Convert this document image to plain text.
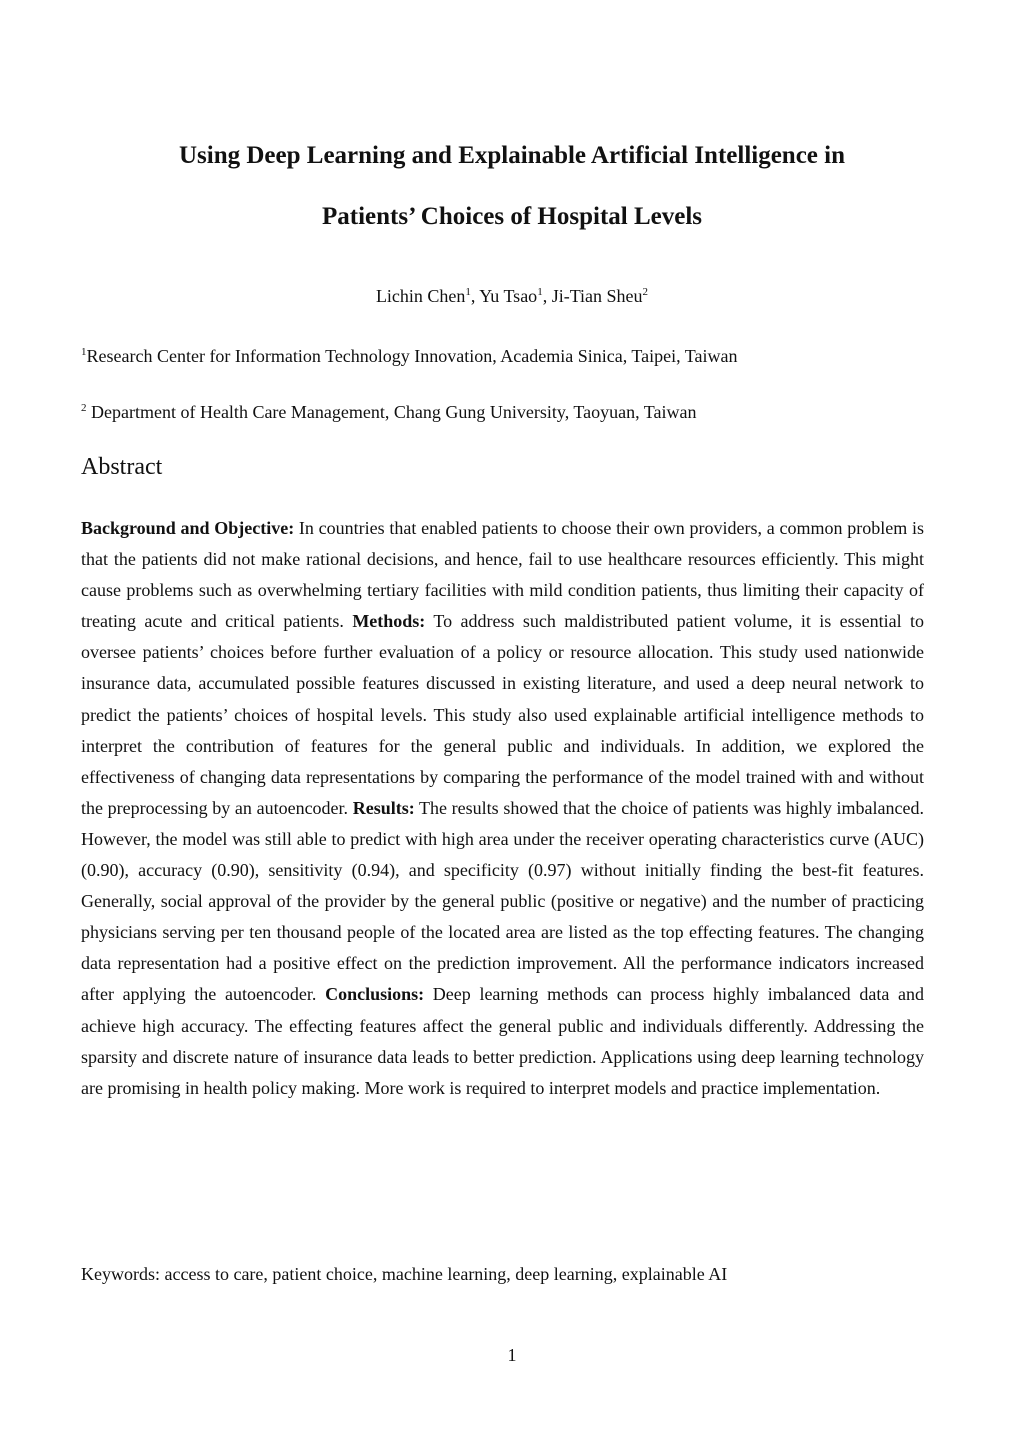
Using Deep Learning and Explainable Artificial Intelligence in
Patients’ Choices of Hospital Levels
Lichin Chen$^1$, Yu Tsao$^1$, Ji-Tian Sheu$^2$
$^1$Research Center for Information Technology Innovation, Academia Sinica, Taipei, Taiwan
$^2$ Department of Health Care Management, Chang Gung University, Taoyuan, Taiwan
Abstract

Background and Objective: In countries that enabled patients to choose their own providers, a common problem is that the patients did not make rational decisions, and hence, fail to use healthcare resources efficiently. This might cause problems such as overwhelming tertiary facilities with mild condition patients, thus limiting their capacity of treating acute and critical patients. Methods: To address such maldistributed patient volume, it is essential to oversee patients’ choices before further evaluation of a policy or resource allocation. This study used nationwide insurance data, accumulated possible features discussed in existing literature, and used a deep neural network to predict the patients’ choices of hospital levels. This study also used explainable artificial intelligence methods to interpret the contribution of features for the general public and individuals. In addition, we explored the effectiveness of changing data representations by comparing the performance of the model trained with and without the preprocessing by an autoencoder. Results: The results showed that the choice of patients was highly imbalanced. However, the model was still able to predict with high area under the receiver operating characteristics curve (AUC) (0.90), accuracy (0.90), sensitivity (0.94), and specificity (0.97) without initially finding the best-fit features. Generally, social approval of the provider by the general public (positive or negative) and the number of practicing physicians serving per ten thousand people of the located area are listed as the top effecting features. The changing data representation had a positive effect on the prediction improvement. All the performance indicators increased after applying the autoencoder. Conclusions: Deep learning methods can process highly imbalanced data and achieve high accuracy. The effecting features affect the general public and individuals differently. Addressing the sparsity and discrete nature of insurance data leads to better prediction. Applications using deep learning technology are promising in health policy making. More work is required to interpret models and practice implementation.

Keywords: access to care, patient choice, machine learning, deep learning, explainable AI
1
